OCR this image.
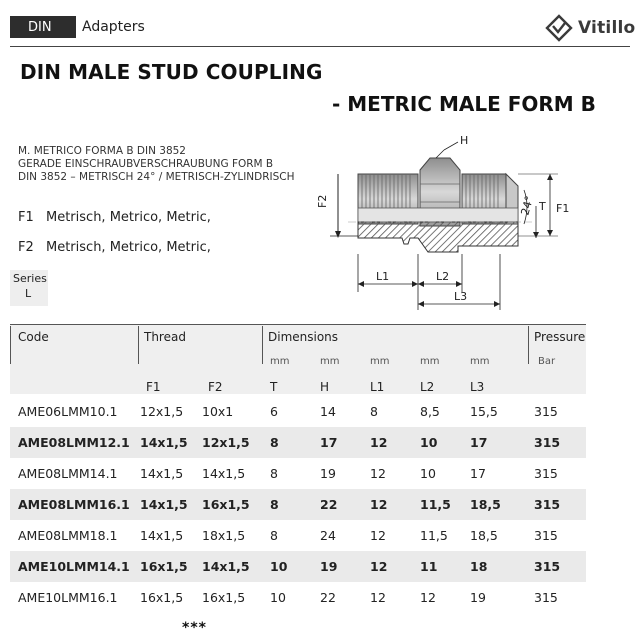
DIN	Adapters	Vitillo
DIN MALE STUD COUPLING
- METRIC MALE FORM B
M. METRICO FORMA B DIN 3852
GERADE EINSCHRAUBVERSCHRAUBUNG FORM B
DIN 3852 – METRISCH 24° / METRISCH-ZYLINDRISCH
F1 Metrisch, Metrico, Metric,
F2 Metrisch, Metrico, Metric,
Series
L
F2
H
24° T F1
L1	L2
L3
Code	Thread	Dimensions	Pressure
mm	mm	mm	mm	mm	Bar
F1	F2	T	H	L1	L2	L3
AME06LMM10.1 12x1,5 10x1	6	14	8	8,5 15,5	315
AME08LMM12.1 14x1,5 12x1,5 8	17	12	10	17	315
AME08LMM14.1 14x1,5 14x1,5 8	19	12	10	17	315
AME08LMM16.1 14x1,5 16x1,5 8	22	12	11,5 18,5	315
AME08LMM18.1 14x1,5 18x1,5 8	24	12	11,5 18,5	315
AME10LMM14.1 16x1,5 14x1,5 10	19	12	11	18	315
AME10LMM16.1 16x1,5 16x1,5 10	22	12	12	19	315
***
